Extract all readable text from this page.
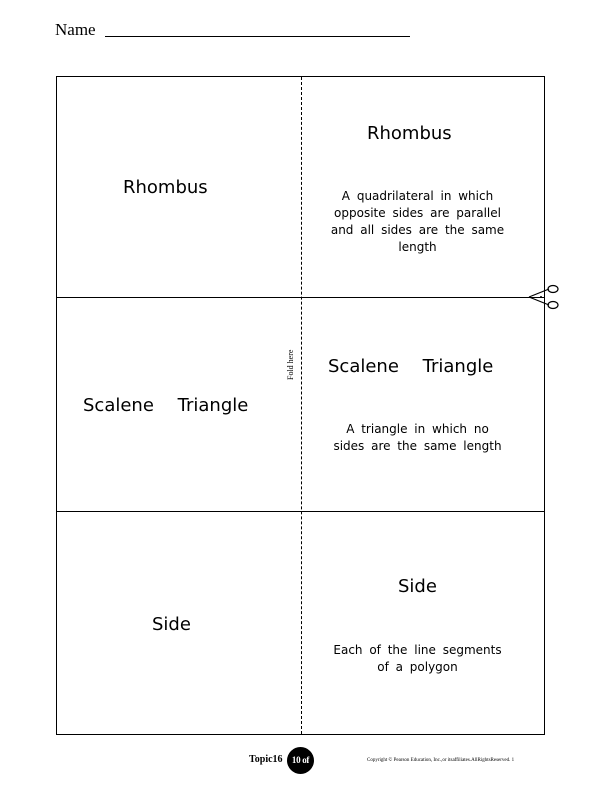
Name
Rhombus
Rhombus
A quadrilateral in which
opposite sides are parallel
and all sides are the same
length
Scalene Triangle
Scalene Triangle
A triangle in which no
sides are the same length
Side
Side
Each of the line segments
of a polygon
Fold here
Topic16	10 of 13
Copyright © Pearson Education, Inc.,or itsaffiliates.AllRightsReserved. 1
